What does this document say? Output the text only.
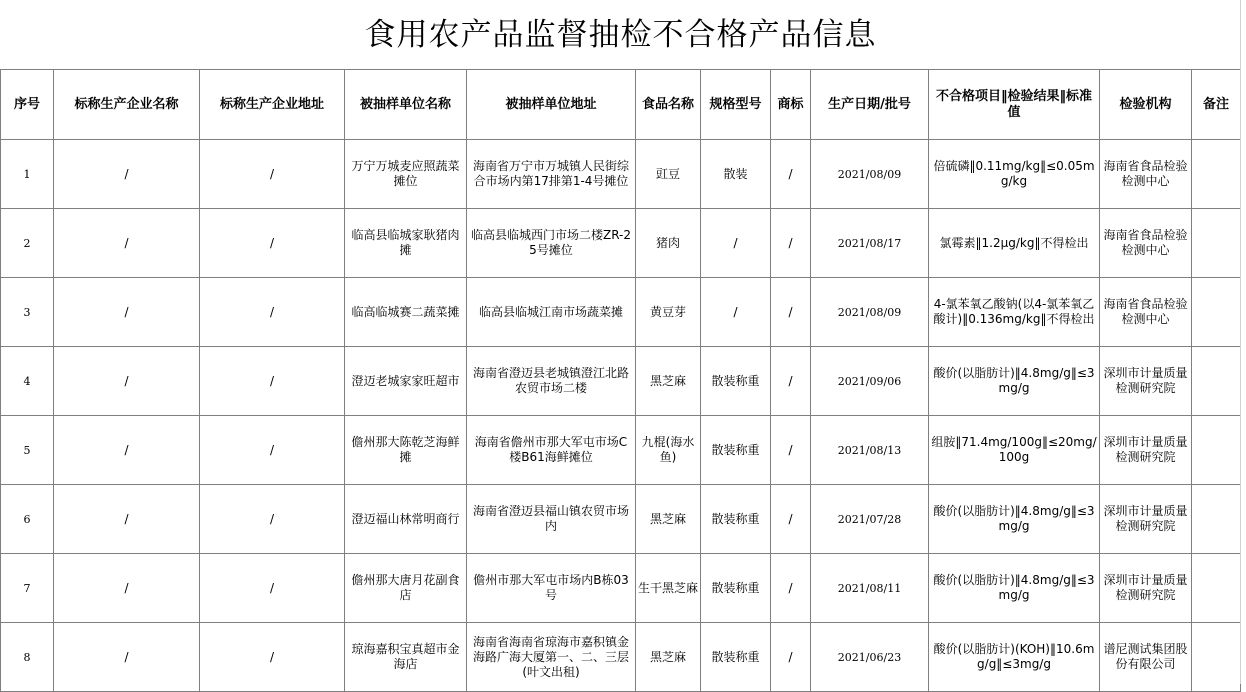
食用农产品监督抽检不合格产品信息											
序号	标称生产企业名称	标称生产企业地址	被抽样单位名称	被抽样单位地址	食品名称	规格型号	商标	生产日期/批号	不合格项目‖检验结果‖标准值	检验机构	备注
1	/	/	万宁万城麦应照蔬菜摊位	海南省万宁市万城镇人民街综合市场内第17排第1-4号摊位	豇豆	散装	/	2021/08/09	倍硫磷‖0.11mg/kg‖≤0.05mg/kg	海南省食品检验检测中心	
2	/	/	临高县临城家耿猪肉摊	临高县临城西门市场二楼ZR-25号摊位	猪肉	/	/	2021/08/17	氯霉素‖1.2μg/kg‖不得检出	海南省食品检验检测中心	
3	/	/	临高临城赛二蔬菜摊	临高县临城江南市场蔬菜摊	黄豆芽	/	/	2021/08/09	4-氯苯氧乙酸钠(以4-氯苯氧乙酸计)‖0.136mg/kg‖不得检出	海南省食品检验检测中心	
4	/	/	澄迈老城家家旺超市	海南省澄迈县老城镇澄江北路农贸市场二楼	黑芝麻	散装称重	/	2021/09/06	酸价(以脂肪计)‖4.8mg/g‖≤3mg/g	深圳市计量质量检测研究院	
5	/	/	儋州那大陈乾芝海鲜摊	海南省儋州市那大军屯市场C楼B61海鲜摊位	九棍(海水鱼)	散装称重	/	2021/08/13	组胺‖71.4mg/100g‖≤20mg/100g	深圳市计量质量检测研究院	
6	/	/	澄迈福山林常明商行	海南省澄迈县福山镇农贸市场内	黑芝麻	散装称重	/	2021/07/28	酸价(以脂肪计)‖4.8mg/g‖≤3mg/g	深圳市计量质量检测研究院	
7	/	/	儋州那大唐月花副食店	儋州市那大军屯市场内B栋03号	生干黑芝麻	散装称重	/	2021/08/11	酸价(以脂肪计)‖4.8mg/g‖≤3mg/g	深圳市计量质量检测研究院	
8	/	/	琼海嘉积宝真超市金海店	海南省海南省琼海市嘉积镇金海路广海大厦第一、二、三层(叶文出租)	黑芝麻	散装称重	/	2021/06/23	酸价(以脂肪计)(KOH)‖10.6mg/g‖≤3mg/g	谱尼测试集团股份有限公司	
